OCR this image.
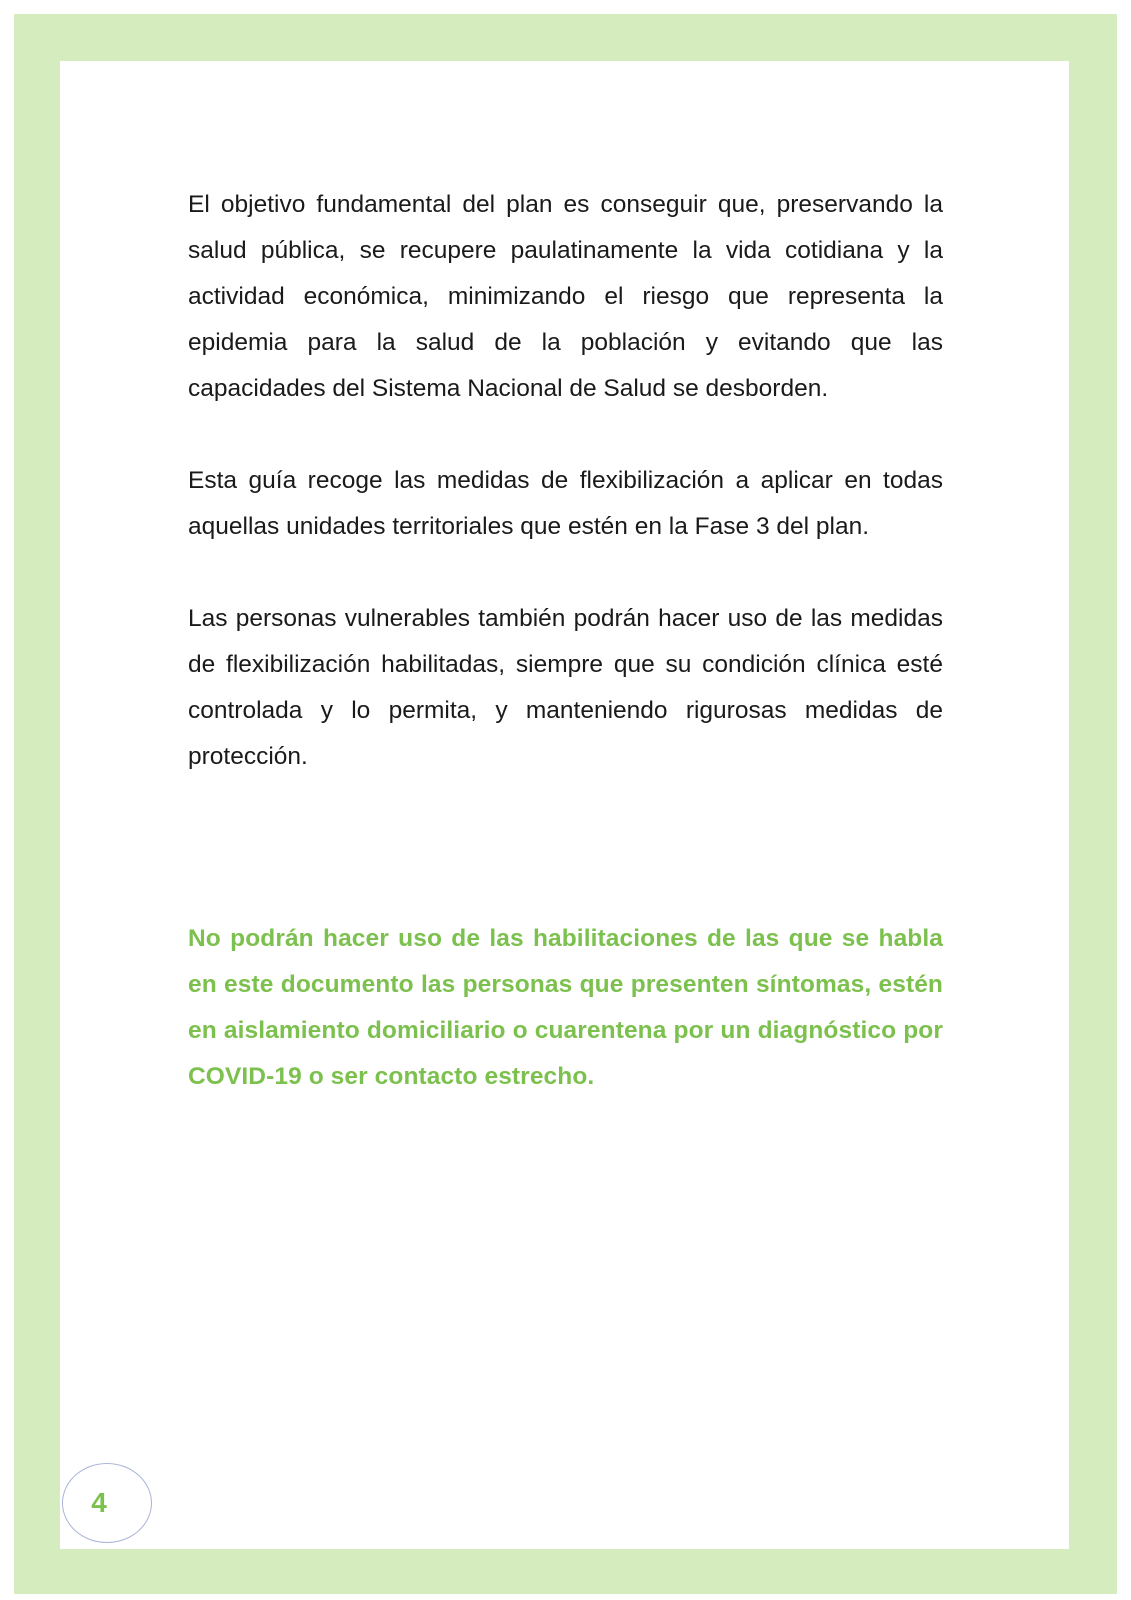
El objetivo fundamental del plan es conseguir que, preservando la salud pública, se recupere paulatinamente la vida cotidiana y la actividad económica, minimizando el riesgo que representa la epidemia para la salud de la población y evitando que las capacidades del Sistema Nacional de Salud se desborden.

Esta guía recoge las medidas de flexibilización a aplicar en todas aquellas unidades territoriales que estén en la Fase 3 del plan.

Las personas vulnerables también podrán hacer uso de las medidas de flexibilización habilitadas, siempre que su condición clínica esté controlada y lo permita, y manteniendo rigurosas medidas de protección.

No podrán hacer uso de las habilitaciones de las que se habla en este documento las personas que presenten síntomas, estén en aislamiento domiciliario o cuarentena por un diagnóstico por COVID-19 o ser contacto estrecho.

4
